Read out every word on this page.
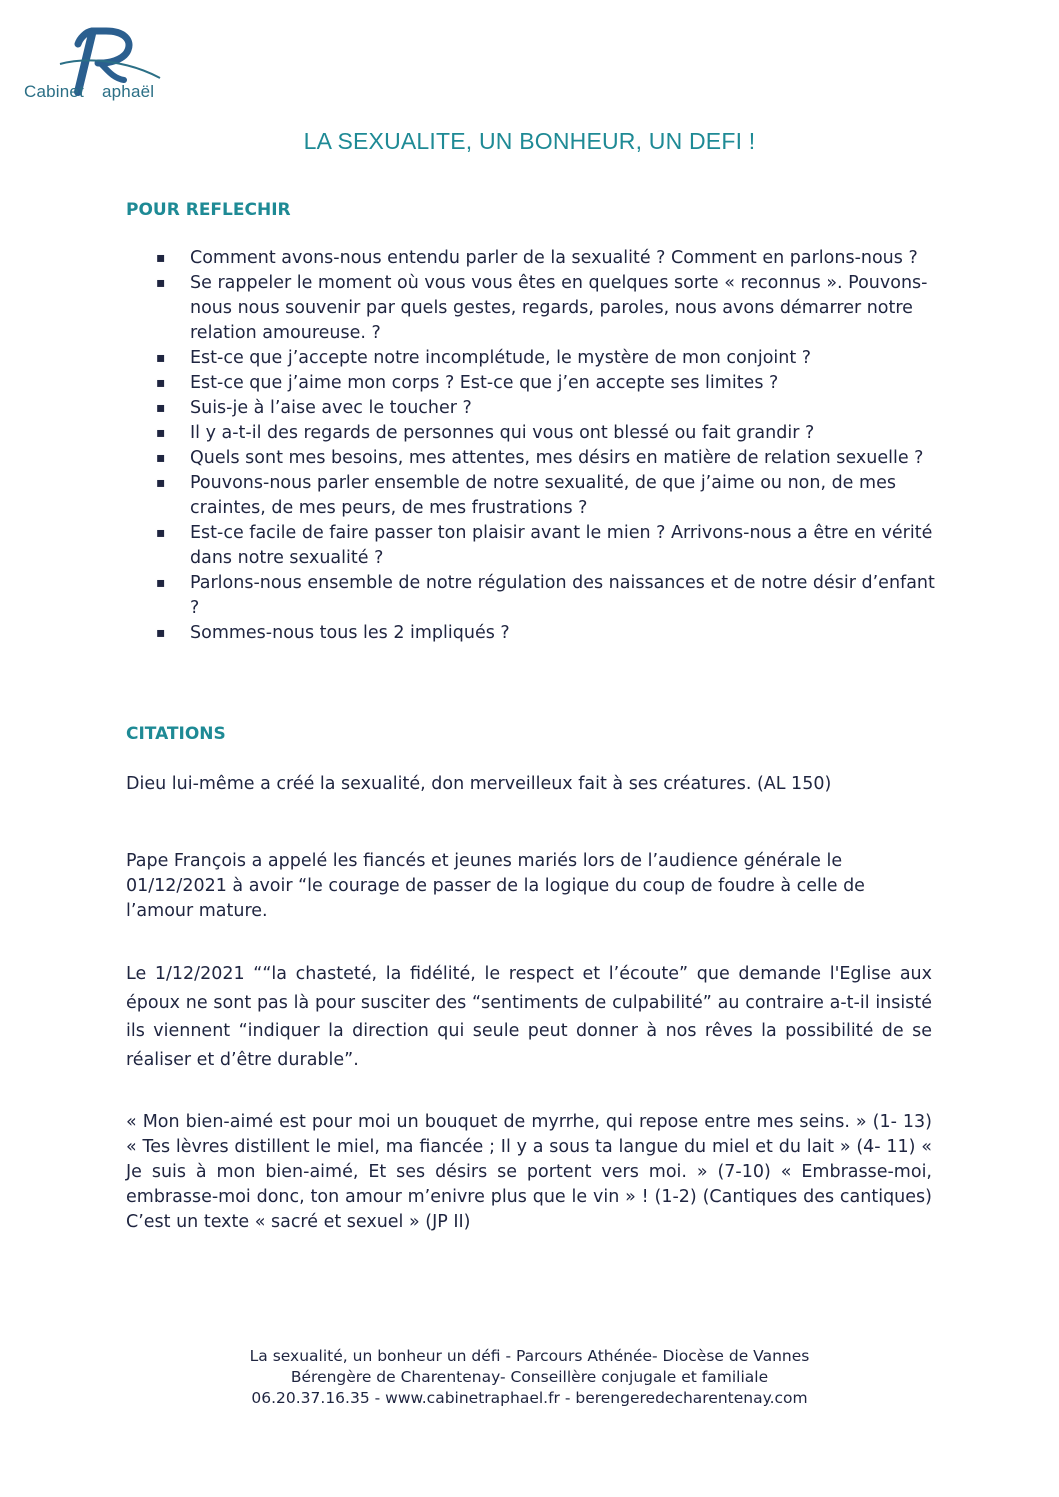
Cabinet aphaël
LA SEXUALITE, UN BONHEUR, UN DEFI !
POUR REFLECHIR
▪ Comment avons-nous entendu parler de la sexualité ? Comment en parlons-nous ?
▪ Se rappeler le moment où vous vous êtes en quelques sorte « reconnus ». Pouvons-nous nous souvenir par quels gestes, regards, paroles, nous avons démarrer notre relation amoureuse. ?
▪ Est-ce que j’accepte notre incomplétude, le mystère de mon conjoint ?
▪ Est-ce que j’aime mon corps ? Est-ce que j’en accepte ses limites ?
▪ Suis-je à l’aise avec le toucher ?
▪ Il y a-t-il des regards de personnes qui vous ont blessé ou fait grandir ?
▪ Quels sont mes besoins, mes attentes, mes désirs en matière de relation sexuelle ?
▪ Pouvons-nous parler ensemble de notre sexualité, de que j’aime ou non, de mes craintes, de mes peurs, de mes frustrations ?
▪ Est-ce facile de faire passer ton plaisir avant le mien ? Arrivons-nous a être en vérité dans notre sexualité ?
▪ Parlons-nous ensemble de notre régulation des naissances et de notre désir d’enfant ?
▪ Sommes-nous tous les 2 impliqués ?
CITATIONS

Dieu lui-même a créé la sexualité, don merveilleux fait à ses créatures. (AL 150)

Pape François a appelé les fiancés et jeunes mariés lors de l’audience générale le 01/12/2021 à avoir “le courage de passer de la logique du coup de foudre à celle de l’amour mature.

Le 1/12/2021 ““la chasteté, la fidélité, le respect et l’écoute” que demande l'Eglise aux époux ne sont pas là pour susciter des “sentiments de culpabilité” au contraire a-t-il insisté ils viennent “indiquer la direction qui seule peut donner à nos rêves la possibilité de se réaliser et d’être durable”.

« Mon bien-aimé est pour moi un bouquet de myrrhe, qui repose entre mes seins. » (1- 13) « Tes lèvres distillent le miel, ma fiancée ; Il y a sous ta langue du miel et du lait » (4- 11) « Je suis à mon bien-aimé, Et ses désirs se portent vers moi. » (7-10) « Embrasse-moi, embrasse-moi donc, ton amour m’enivre plus que le vin » ! (1-2) (Cantiques des cantiques) C’est un texte « sacré et sexuel » (JP II)

La sexualité, un bonheur un défi - Parcours Athénée- Diocèse de Vannes
Bérengère de Charentenay- Conseillère conjugale et familiale
06.20.37.16.35 - www.cabinetraphael.fr - berengeredecharentenay.com
